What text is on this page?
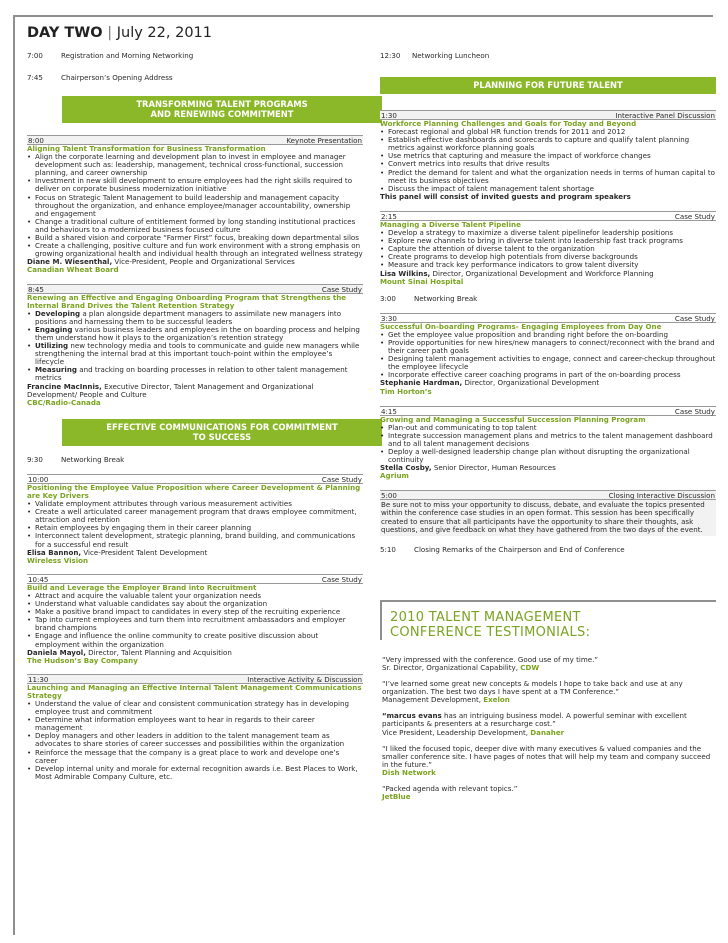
DAY TWO | July 22, 2011
7:00	Registration and Morning Networking
7:45	Chairperson’s Opening Address
TRANSFORMING TALENT PROGRAMS
AND RENEWING COMMITMENT
8:00	Keynote Presentation
Aligning Talent Transformation for Business Transformation
• Align the corporate learning and development plan to invest in employee and manager development such as: leadership, management, technical cross-functional, succession planning, and career ownership
• Investment in new skill development to ensure employees had the right skills required to deliver on corporate business modernization initiative
• Focus on Strategic Talent Management to build leadership and management capacity throughout the organization, and enhance employee/manager accountability, ownership and engagement
• Change a traditional culture of entitlement formed by long standing institutional practices and behaviours to a modernized business focused culture
• Build a shared vision and corporate “Farmer First” focus, breaking down departmental silos
• Create a challenging, positive culture and fun work environment with a strong emphasis on growing organizational health and individual health through an integrated wellness strategy
Diane M. Wiesenthal, Vice-President, People and Organizational Services
Canadian Wheat Board
8:45	Case Study
Renewing an Effective and Engaging Onboarding Program that Strengthens the Internal Brand Drives the Talent Retention Strategy
• Developing a plan alongside department managers to assimilate new managers into positions and harnessing them to be successful leaders
• Engaging various business leaders and employees in the on boarding process and helping them understand how it plays to the organization’s retention strategy
• Utilizing new technology media and tools to communicate and guide new managers while strengthening the internal brad at this important touch-point within the employee’s lifecycle
• Measuring and tracking on boarding processes in relation to other talent management metrics
Francine MacInnis, Executive Director, Talent Management and Organizational Development/ People and Culture
CBC/Radio-Canada
EFFECTIVE COMMUNICATIONS FOR COMMITMENT
TO SUCCESS
9:30	Networking Break
10:00	Case Study
Positioning the Employee Value Proposition where Career Development & Planning are Key Drivers
• Validate employment attributes through various measurement activities
• Create a well articulated career management program that draws employee commitment, attraction and retention
• Retain employees by engaging them in their career planning
• Interconnect talent development, strategic planning, brand building, and communications for a successful end result
Elisa Bannon, Vice-President Talent Development
Wireless Vision
10:45	Case Study
Build and Leverage the Employer Brand into Recruitment
• Attract and acquire the valuable talent your organization needs
• Understand what valuable candidates say about the organization
• Make a positive brand impact to candidates in every step of the recruiting experience
• Tap into current employees and turn them into recruitment ambassadors and employer brand champions
• Engage and influence the online community to create positive discussion about employment within the organization
Daniela Mayol, Director, Talent Planning and Acquisition
The Hudson’s Bay Company
11:30	Interactive Activity & Discussion
Launching and Managing an Effective Internal Talent Management Communications Strategy
• Understand the value of clear and consistent communication strategy has in developing employee trust and commitment
• Determine what information employees want to hear in regards to their career management
• Deploy managers and other leaders in addition to the talent management team as advocates to share stories of career successes and possibilities within the organization
• Reinforce the message that the company is a great place to work and develope one’s career
• Develop internal unity and morale for external recognition awards i.e. Best Places to Work, Most Admirable Company Culture, etc.
12:30	Networking Luncheon
PLANNING FOR FUTURE TALENT
1:30	Interactive Panel Discussion
Workforce Planning Challenges and Goals for Today and Beyond
• Forecast regional and global HR function trends for 2011 and 2012
• Establish effective dashboards and scorecards to capture and qualify talent planning metrics against workforce planning goals
• Use metrics that capturing and measure the impact of workforce changes
• Convert metrics into results that drive results
• Predict the demand for talent and what the organization needs in terms of human capital to meet its business objectives
• Discuss the impact of talent management talent shortage
This panel will consist of invited guests and program speakers
2:15	Case Study
Managing a Diverse Talent Pipeline
• Develop a strategy to maximize a diverse talent pipelinefor leadership positions
• Explore new channels to bring in diverse talent into leadership fast track programs
• Capture the attention of diverse talent to the organization
• Create programs to develop high potentials from diverse backgrounds
• Measure and track key performance indicators to grow talent diversity
Lisa Wilkins, Director, Organizational Development and Workforce Planning
Mount Sinai Hospital
3:00	Networking Break
3:30	Case Study
Successful On-boarding Programs- Engaging Employees from Day One
• Get the employee value proposition and branding right before the on-boarding
• Provide opportunities for new hires/new managers to connect/reconnect with the brand and their career path goals
• Designing talent management activities to engage, connect and career-checkup throughout the employee lifecycle
• Incorporate effective career coaching programs in part of the on-boarding process
Stephanie Hardman, Director, Organizational Development
Tim Horton’s
4:15	Case Study
Growing and Managing a Successful Succession Planning Program
• Plan-out and communicating to top talent
• Integrate succession management plans and metrics to the talent management dashboard and to all talent management decisions
• Deploy a well-designed leadership change plan without disrupting the organizational continuity
Stella Cosby, Senior Director, Human Resources
Agrium
5:00	Closing Interactive Discussion
Be sure not to miss your opportunity to discuss, debate, and evaluate the topics presented within the conference case studies in an open format. This session has been specifically created to ensure that all participants have the opportunity to share their thoughts, ask questions, and give feedback on what they have gathered from the two days of the event.
5:10	Closing Remarks of the Chairperson and End of Conference
2010 TALENT MANAGEMENT
CONFERENCE TESTIMONIALS:
“Very impressed with the conference. Good use of my time.”
Sr. Director, Organizational Capability, CDW
“I’ve learned some great new concepts & models I hope to take back and use at any organization. The best two days I have spent at a TM Conference.”
Management Development, Exelon
“marcus evans has an intriguing business model. A powerful seminar with excellent participants & presenters at a resurcharge cost.”
Vice President, Leadership Development, Danaher
“I liked the focused topic, deeper dive with many executives & valued companies and the smaller conference site. I have pages of notes that will help my team and company succeed in the future.”
Dish Network
“Packed agenda with relevant topics.”
JetBlue
